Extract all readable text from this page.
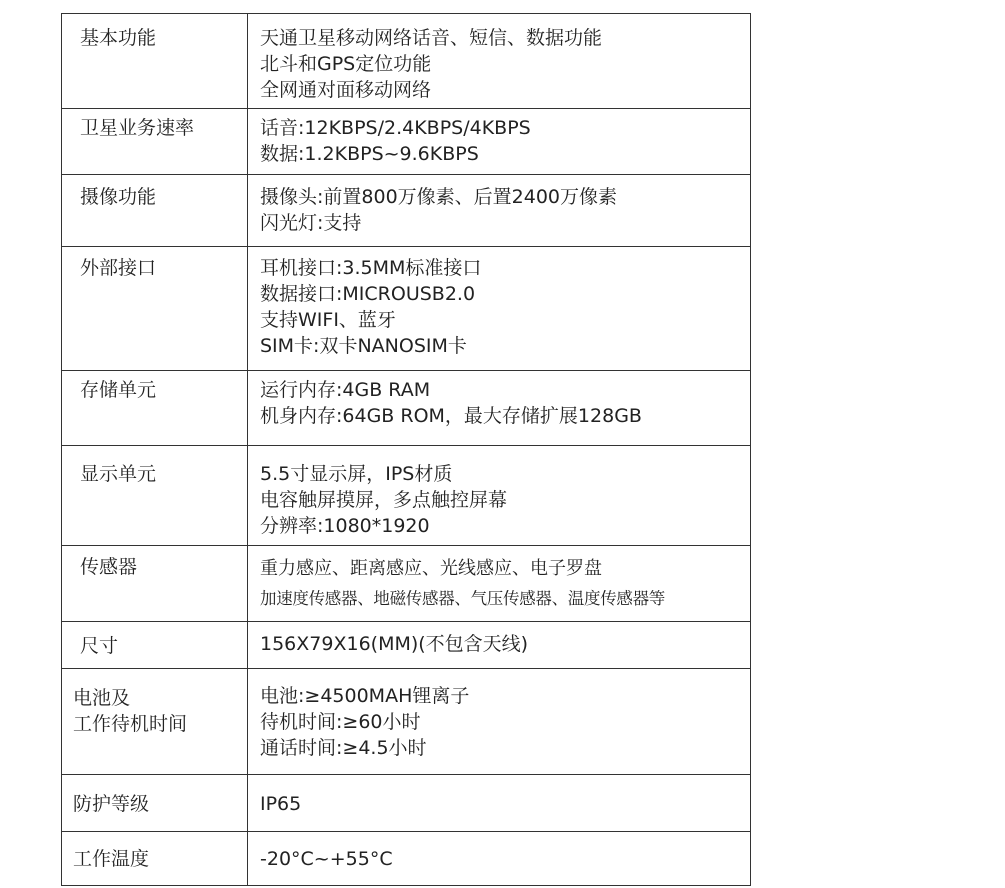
基本功能	天通卫星移动网络话音、短信、数据功能
北斗和GPS定位功能
全网通对面移动网络

卫星业务速率	话音:12KBPS/2.4KBPS/4KBPS
数据:1.2KBPS~9.6KBPS

摄像功能	摄像头:前置800万像素、后置2400万像素
闪光灯:支持

外部接口	耳机接口:3.5MM标准接口
数据接口:MICROUSB2.0
支持WIFI、蓝牙
SIM卡:双卡NANOSIM卡

存储单元	运行内存:4GB RAM
机身内存:64GB ROM，最大存储扩展128GB

显示单元	5.5寸显示屏，IPS材质
电容触屏摸屏，多点触控屏幕
分辨率:1080*1920

传感器	重力感应、距离感应、光线感应、电子罗盘
加速度传感器、地磁传感器、气压传感器、温度传感器等

尺寸	156X79X16(MM)(不包含天线)

电池及
工作待机时间	电池:≥4500MAH锂离子
待机时间:≥60小时
通话时间:≥4.5小时

防护等级	IP65

工作温度	-20°C~+55°C
